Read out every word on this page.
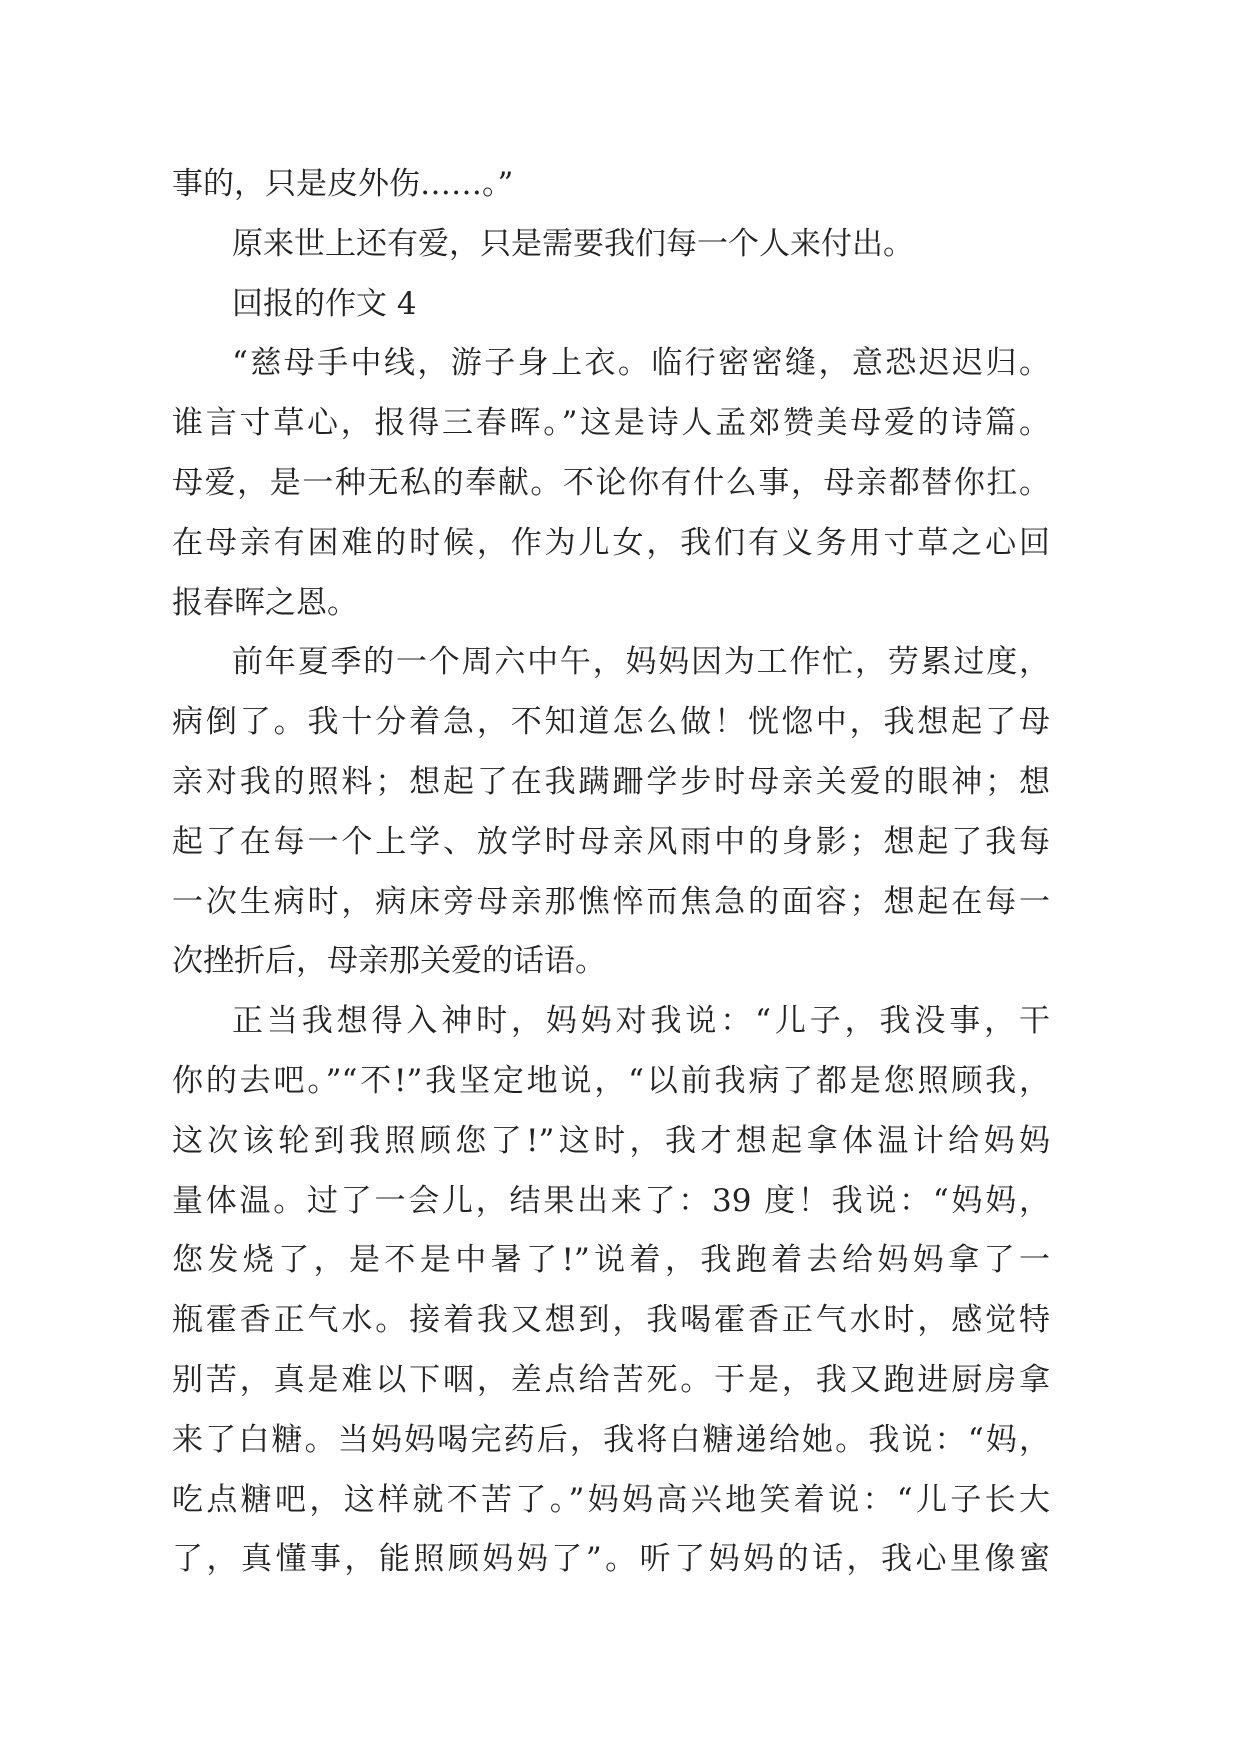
事的，只是皮外伤……。”
原来世上还有爱，只是需要我们每一个人来付出。
回报的作文 4
“慈母手中线，游子身上衣。临行密密缝，意恐迟迟归。
谁言寸草心，报得三春晖。”这是诗人孟郊赞美母爱的诗篇。
母爱，是一种无私的奉献。不论你有什么事，母亲都替你扛。
在母亲有困难的时候，作为儿女，我们有义务用寸草之心回
报春晖之恩。
前年夏季的一个周六中午，妈妈因为工作忙，劳累过度，
病倒了。我十分着急，不知道怎么做！恍惚中，我想起了母
亲对我的照料；想起了在我蹒跚学步时母亲关爱的眼神；想
起了在每一个上学、放学时母亲风雨中的身影；想起了我每
一次生病时，病床旁母亲那憔悴而焦急的面容；想起在每一
次挫折后，母亲那关爱的话语。
正当我想得入神时，妈妈对我说：“儿子，我没事，干
你的去吧。”“不!”我坚定地说，“以前我病了都是您照顾我，
这次该轮到我照顾您了!”这时，我才想起拿体温计给妈妈
量体温。过了一会儿，结果出来了：39 度！我说：“妈妈，
您发烧了，是不是中暑了!”说着，我跑着去给妈妈拿了一
瓶霍香正气水。接着我又想到，我喝霍香正气水时，感觉特
别苦，真是难以下咽，差点给苦死。于是，我又跑进厨房拿
来了白糖。当妈妈喝完药后，我将白糖递给她。我说：“妈，
吃点糖吧，这样就不苦了。”妈妈高兴地笑着说：“儿子长大
了，真懂事，能照顾妈妈了”。听了妈妈的话，我心里像蜜
